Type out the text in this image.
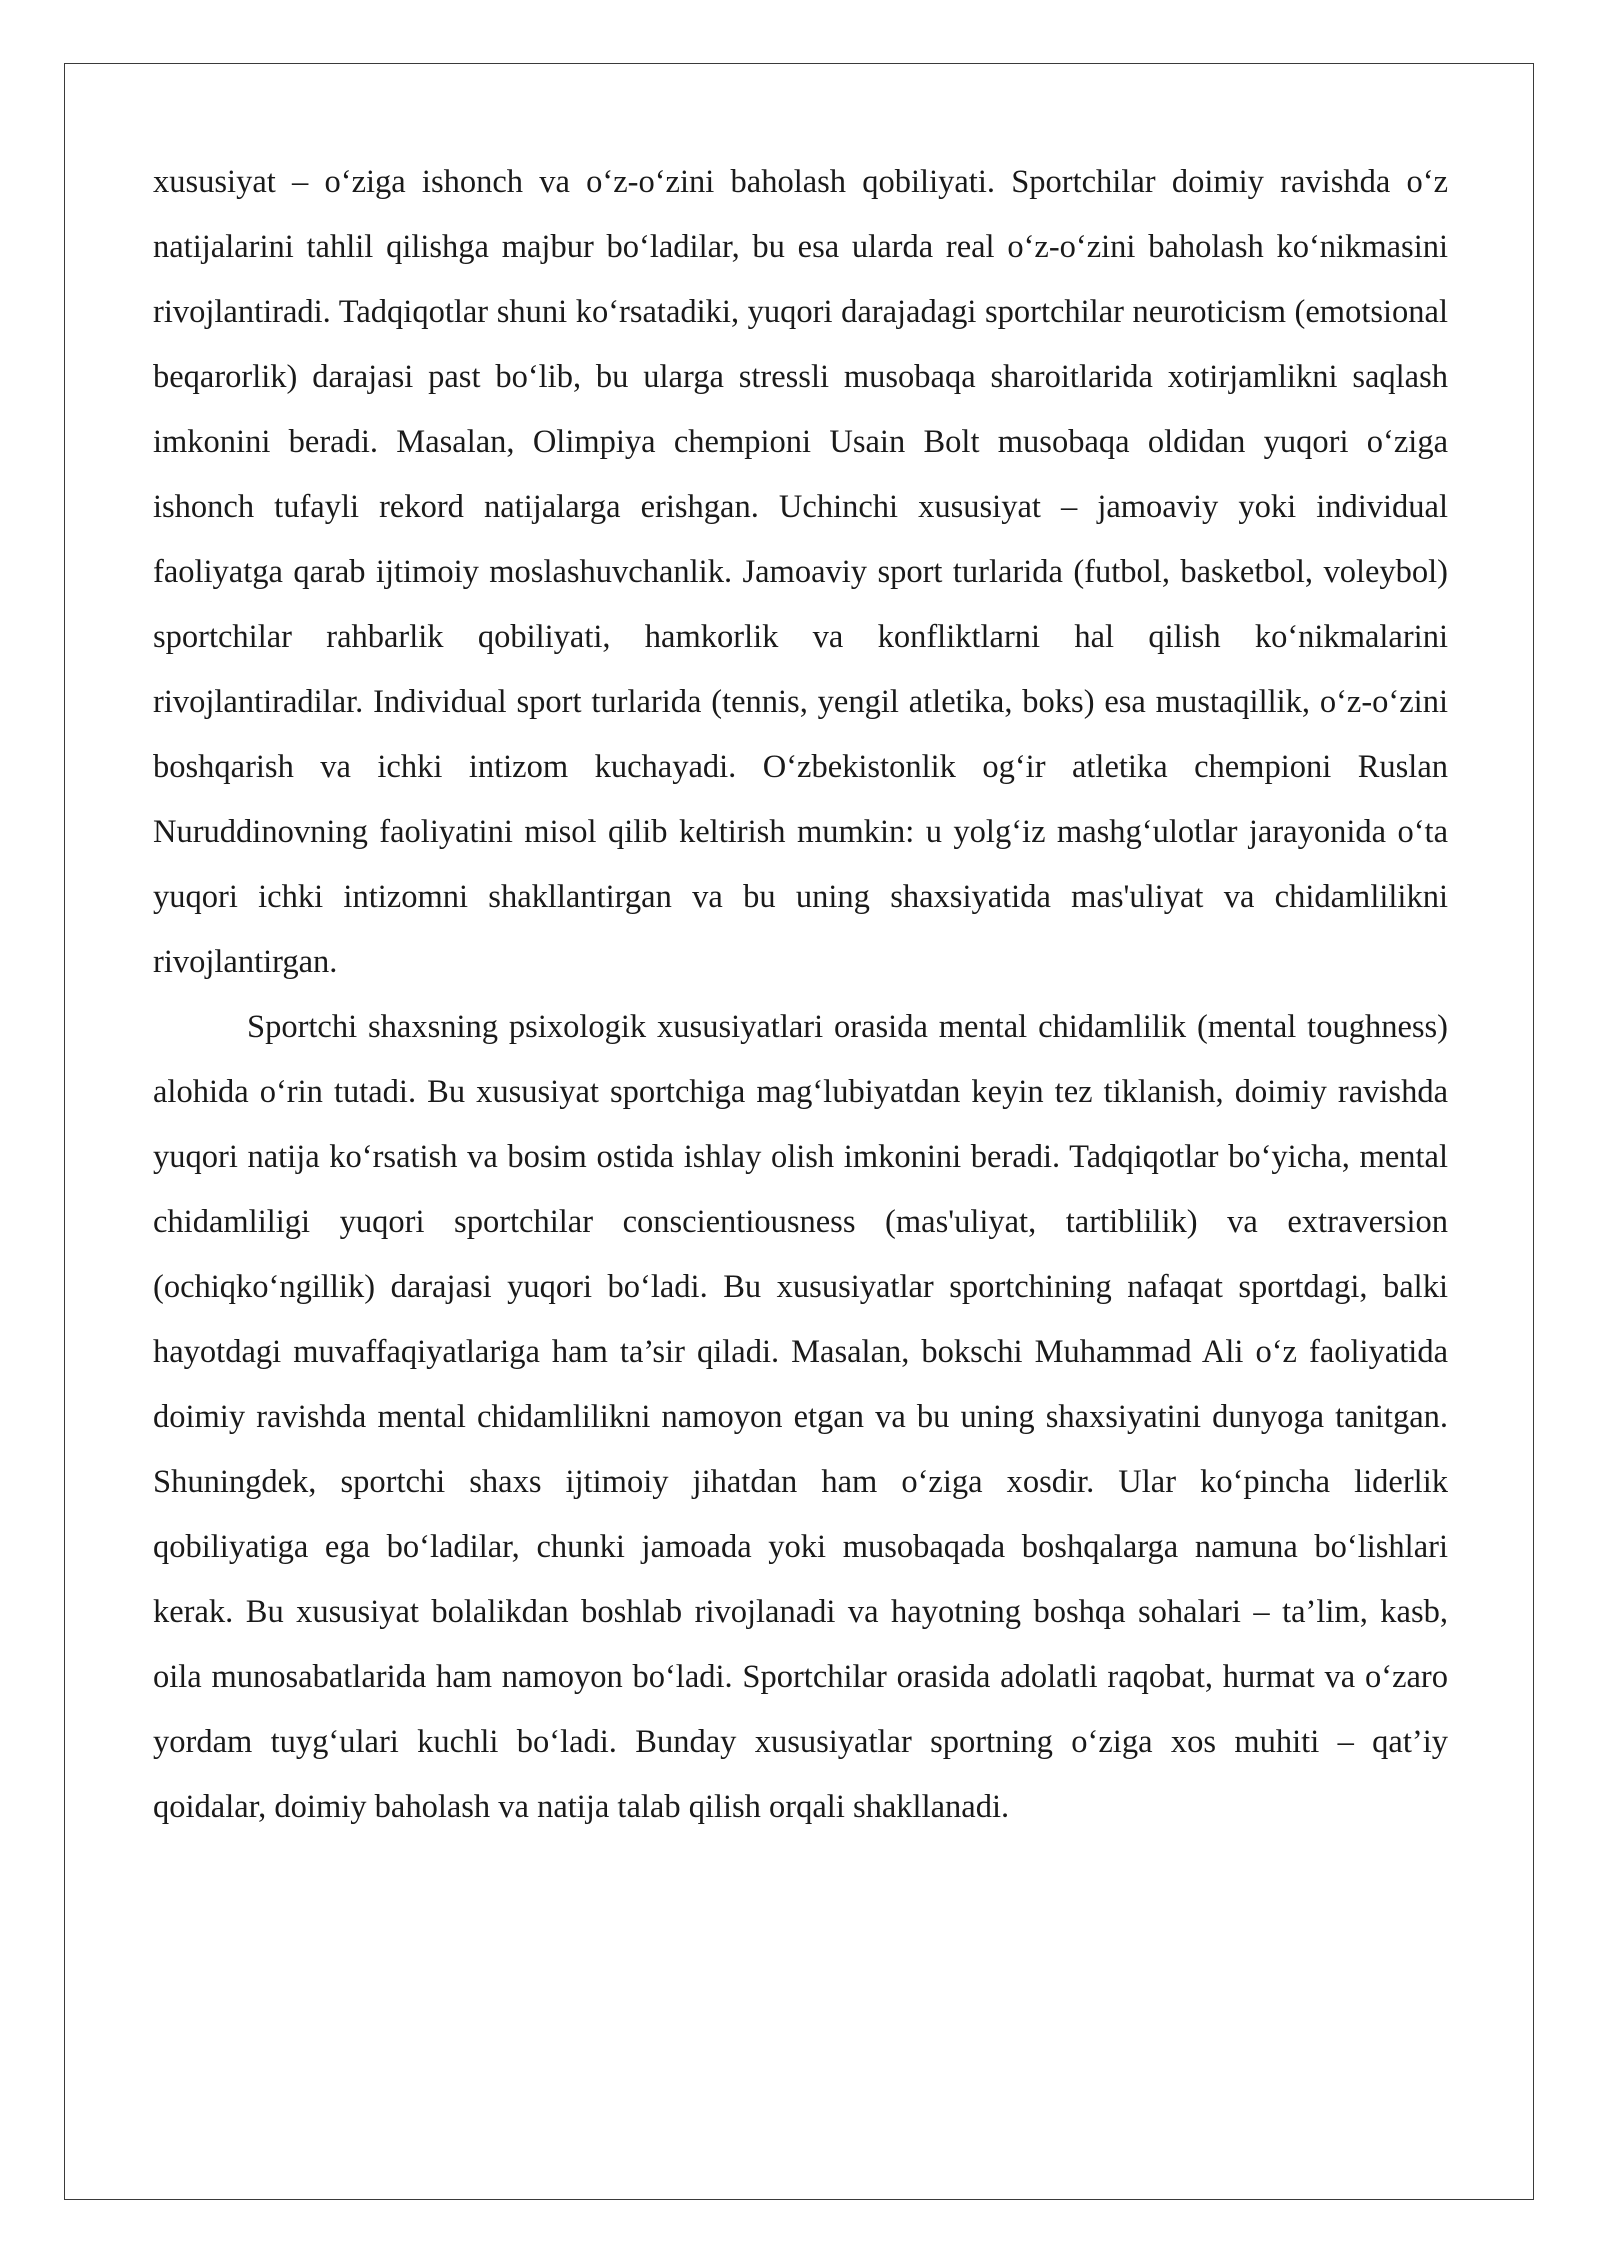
xususiyat – o‘ziga ishonch va o‘z-o‘zini baholash qobiliyati. Sportchilar doimiy ravishda o‘z natijalarini tahlil qilishga majbur bo‘ladilar, bu esa ularda real o‘z-o‘zini baholash ko‘nikmasini rivojlantiradi. Tadqiqotlar shuni ko‘rsatadiki, yuqori darajadagi sportchilar neuroticism (emotsional beqarorlik) darajasi past bo‘lib, bu ularga stressli musobaqa sharoitlarida xotirjamlikni saqlash imkonini beradi. Masalan, Olimpiya chempioni Usain Bolt musobaqa oldidan yuqori o‘ziga ishonch tufayli rekord natijalarga erishgan. Uchinchi xususiyat – jamoaviy yoki individual faoliyatga qarab ijtimoiy moslashuvchanlik. Jamoaviy sport turlarida (futbol, basketbol, voleybol) sportchilar rahbarlik qobiliyati, hamkorlik va konfliktlarni hal qilish ko‘nikmalarini rivojlantiradilar. Individual sport turlarida (tennis, yengil atletika, boks) esa mustaqillik, o‘z-o‘zini boshqarish va ichki intizom kuchayadi. O‘zbekistonlik og‘ir atletika chempioni Ruslan Nuruddinovning faoliyatini misol qilib keltirish mumkin: u yolg‘iz mashg‘ulotlar jarayonida o‘ta yuqori ichki intizomni shakllantirgan va bu uning shaxsiyatida mas'uliyat va chidamlilikni rivojlantirgan.

Sportchi shaxsning psixologik xususiyatlari orasida mental chidamlilik (mental toughness) alohida o‘rin tutadi. Bu xususiyat sportchiga mag‘lubiyatdan keyin tez tiklanish, doimiy ravishda yuqori natija ko‘rsatish va bosim ostida ishlay olish imkonini beradi. Tadqiqotlar bo‘yicha, mental chidamliligi yuqori sportchilar conscientiousness (mas'uliyat, tartiblilik) va extraversion (ochiqko‘ngillik) darajasi yuqori bo‘ladi. Bu xususiyatlar sportchining nafaqat sportdagi, balki hayotdagi muvaffaqiyatlariga ham ta’sir qiladi. Masalan, bokschi Muhammad Ali o‘z faoliyatida doimiy ravishda mental chidamlilikni namoyon etgan va bu uning shaxsiyatini dunyoga tanitgan. Shuningdek, sportchi shaxs ijtimoiy jihatdan ham o‘ziga xosdir. Ular ko‘pincha liderlik qobiliyatiga ega bo‘ladilar, chunki jamoada yoki musobaqada boshqalarga namuna bo‘lishlari kerak. Bu xususiyat bolalikdan boshlab rivojlanadi va hayotning boshqa sohalari – ta’lim, kasb, oila munosabatlarida ham namoyon bo‘ladi. Sportchilar orasida adolatli raqobat, hurmat va o‘zaro yordam tuyg‘ulari kuchli bo‘ladi. Bunday xususiyatlar sportning o‘ziga xos muhiti – qat’iy qoidalar, doimiy baholash va natija talab qilish orqali shakllanadi.
